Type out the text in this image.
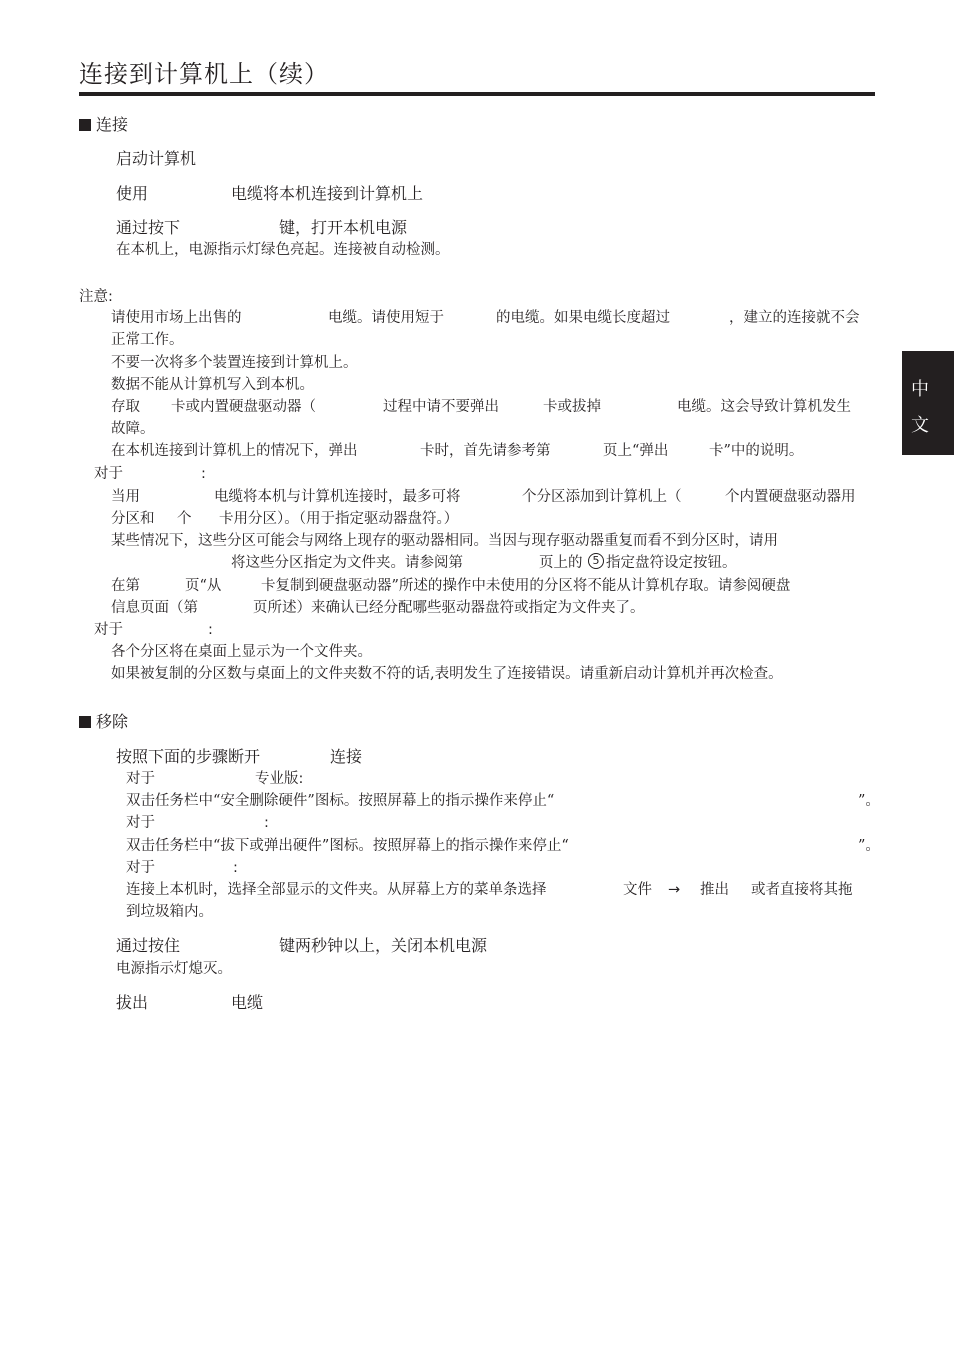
连接到计算机上（续）
中
文
连接
启动计算机
使用	电缆将本机连接到计算机上
通过按下	键，打开本机电源
在本机上，电源指示灯绿色亮起。连接被自动检测。
注意:
请使用市场上出售的	电缆。请使用短于	的电缆。如果电缆长度超过	，建立的连接就不会
正常工作。
不要一次将多个装置连接到计算机上。
数据不能从计算机写入到本机。
存取 卡或内置硬盘驱动器（	过程中请不要弹出	卡或拔掉	电缆。这会导致计算机发生
故障。
在本机连接到计算机上的情况下，弹出	卡时，首先请参考第	页上“弹出	卡”中的说明。
对于	:
当用	电缆将本机与计算机连接时，最多可将	个分区添加到计算机上（	个内置硬盘驱动器用
分区和 个 卡用分区）。（用于指定驱动器盘符。）
某些情况下，这些分区可能会与网络上现存的驱动器相同。当因与现存驱动器重复而看不到分区时，请用
将这些分区指定为文件夹。请参阅第	页上的 5 指定盘符设定按钮。
在第	页“从	卡复制到硬盘驱动器”所述的操作中未使用的分区将不能从计算机存取。请参阅硬盘
信息页面（第	页所述）来确认已经分配哪些驱动器盘符或指定为文件夹了。
对于	:
各个分区将在桌面上显示为一个文件夹。
如果被复制的分区数与桌面上的文件夹数不符的话,表明发生了连接错误。请重新启动计算机并再次检查。
移除
按照下面的步骤断开	连接
对于	专业版:
双击任务栏中“安全删除硬件”图标。按照屏幕上的指示操作来停止“	”。
对于	:
双击任务栏中“拔下或弹出硬件”图标。按照屏幕上的指示操作来停止“	”。
对于	:
连接上本机时，选择全部显示的文件夹。从屏幕上方的菜单条选择	文件 → 推出 或者直接将其拖
到垃圾箱内。
通过按住	键两秒钟以上，关闭本机电源
电源指示灯熄灭。
拔出	电缆
